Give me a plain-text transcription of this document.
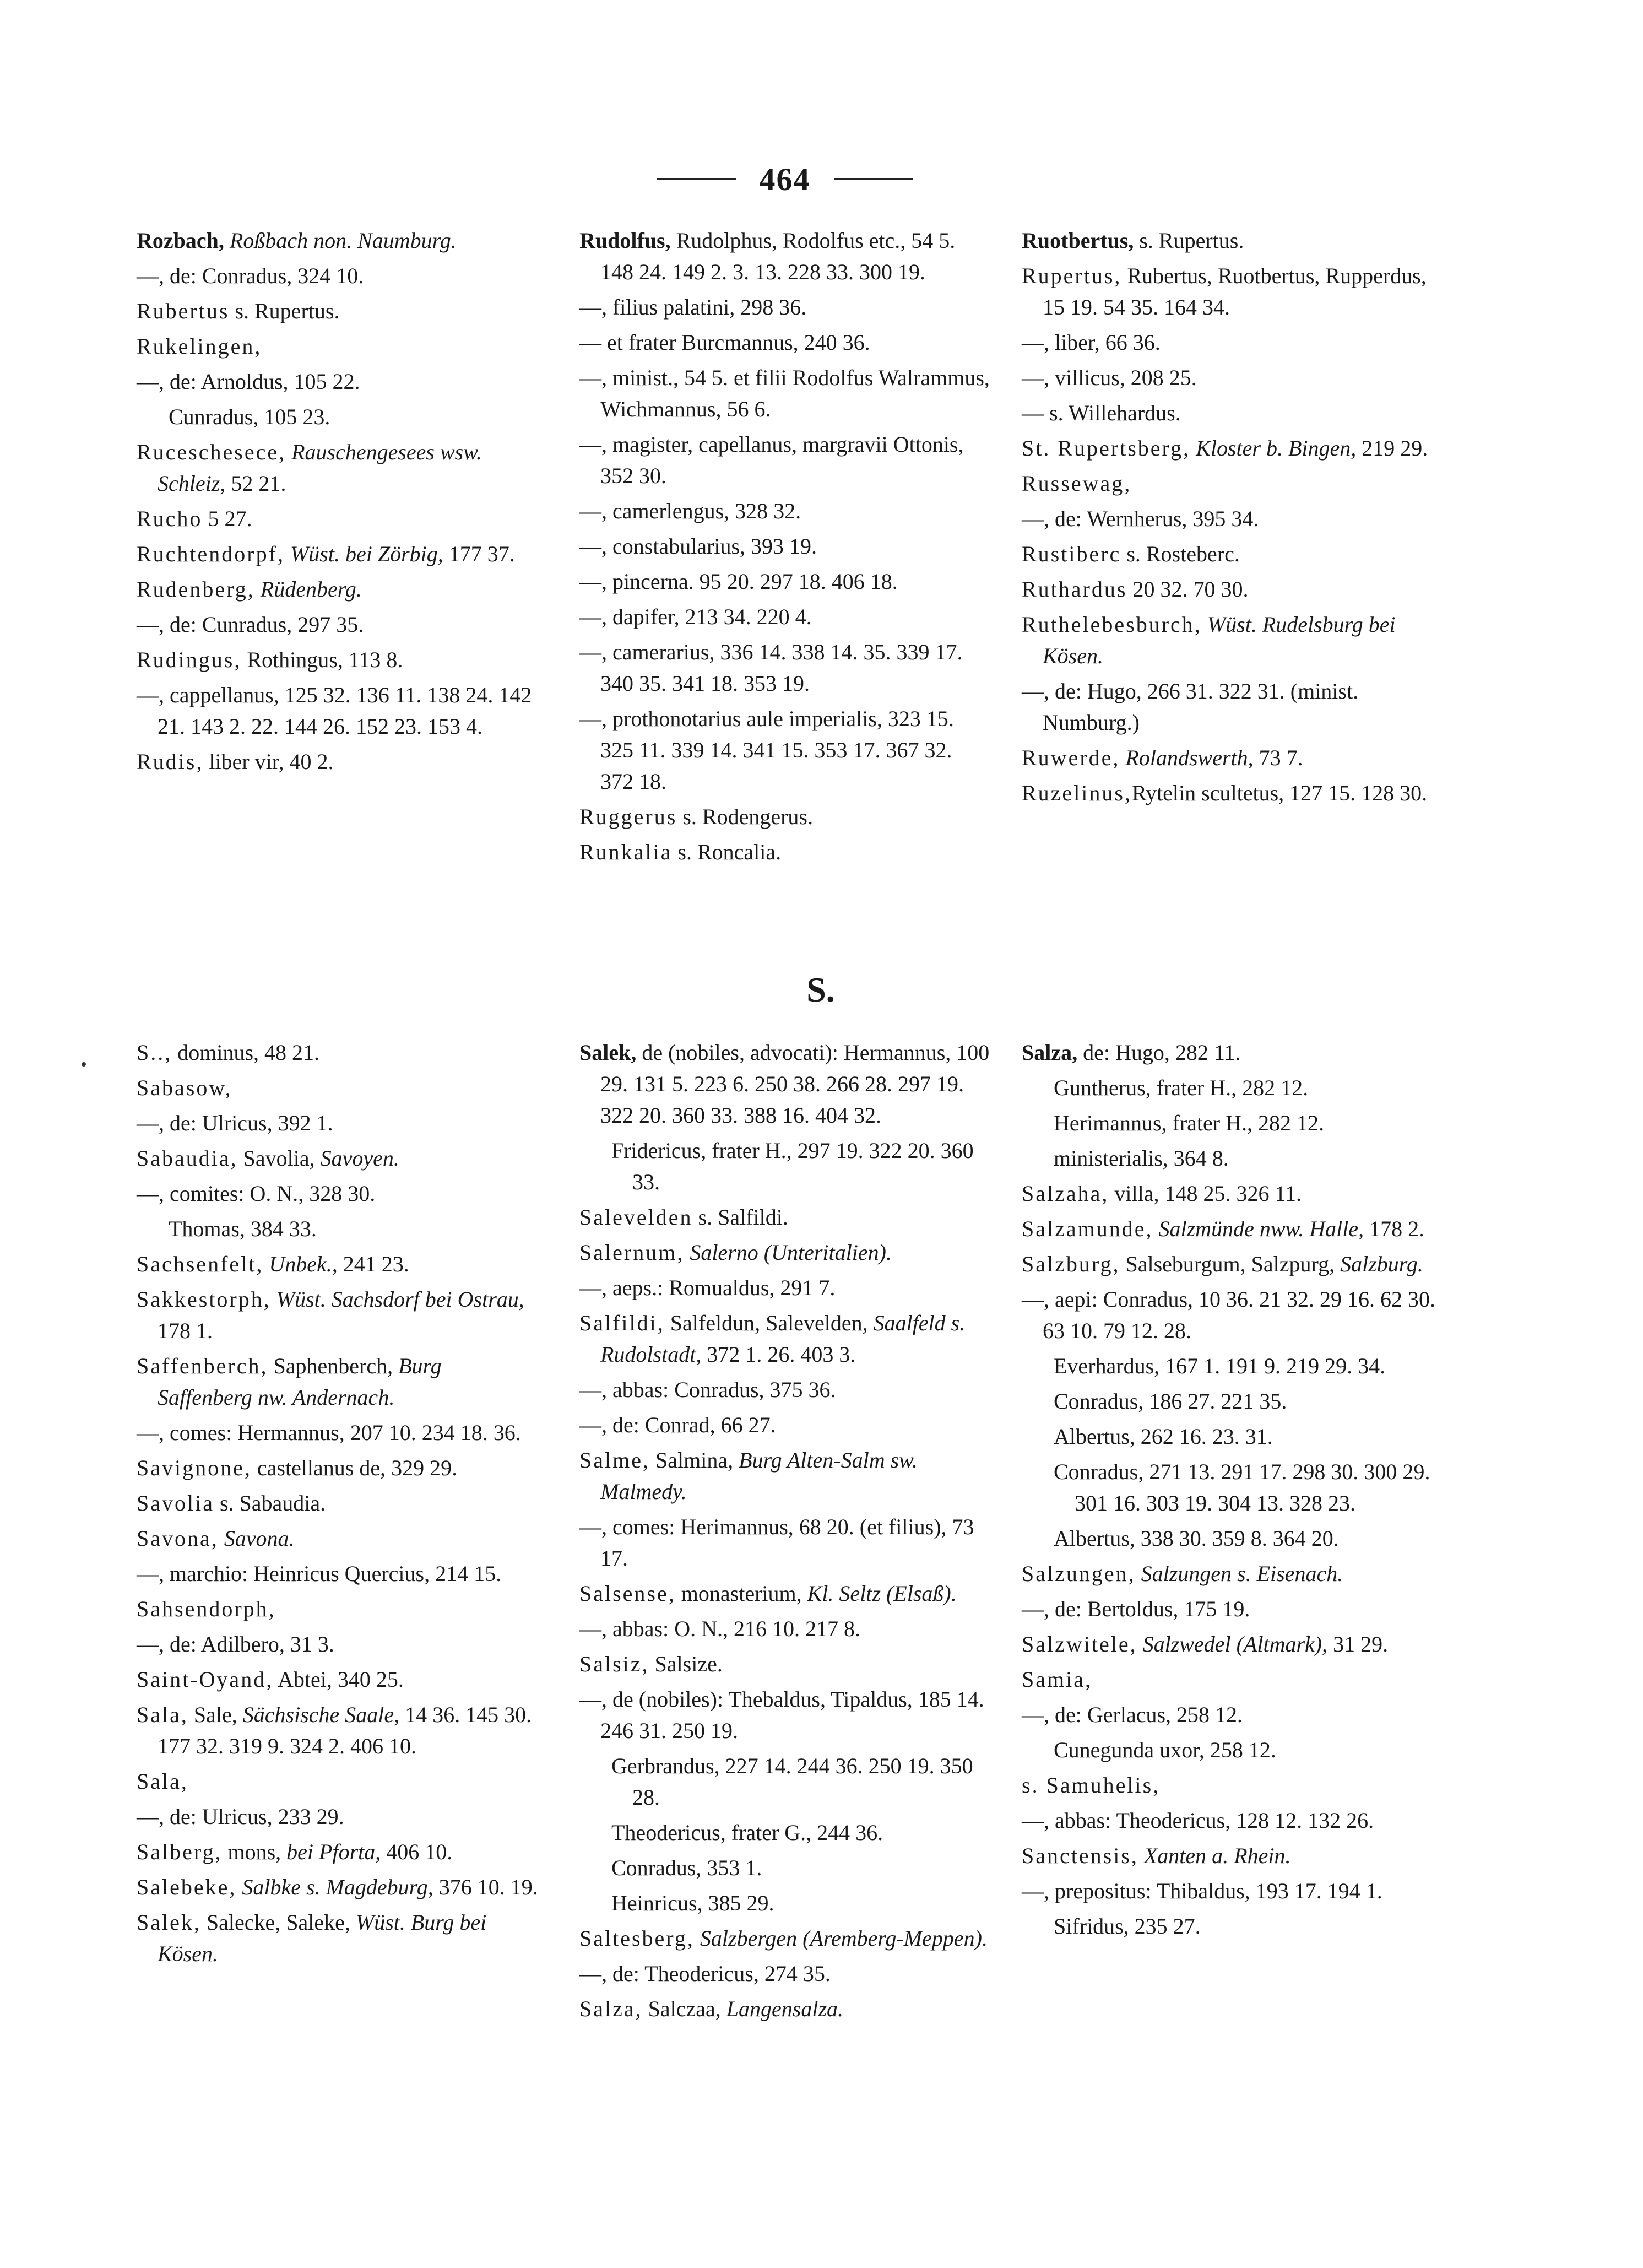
464
Rozbach, Roßbach non. Naumburg.
—, de: Conradus, 324 10.
Rubertus s. Rupertus.
Rukelingen,
—, de: Arnoldus, 105 22.
Cunradus, 105 23.
Ruceschesece, Rauschengesees wsw. Schleiz, 52 21.
Rucho 5 27.
Ruchtendorpf, Wüst. bei Zörbig, 177 37.
Rudenberg, Rüdenberg.
—, de: Cunradus, 297 35.
Rudingus, Rothingus, 113 8.
—, cappellanus, 125 32. 136 11. 138 24. 142 21. 143 2. 22. 144 26. 152 23. 153 4.
Rudis, liber vir, 40 2.
Rudolfus, Rudolphus, Rodolfus etc., 54 5. 148 24. 149 2. 3. 13. 228 33. 300 19.
—, filius palatini, 298 36.
— et frater Burcmannus, 240 36.
—, minist., 54 5. et filii Rodolfus Walrammus, Wichmannus, 56 6.
—, magister, capellanus, margravii Ottonis, 352 30.
—, camerlengus, 328 32.
—, constabularius, 393 19.
—, pincerna. 95 20. 297 18. 406 18.
—, dapifer, 213 34. 220 4.
—, camerarius, 336 14. 338 14. 35. 339 17. 340 35. 341 18. 353 19.
—, prothonotarius aule imperialis, 323 15. 325 11. 339 14. 341 15. 353 17. 367 32. 372 18.
Ruggerus s. Rodengerus.
Runkalia s. Roncalia.
Ruotbertus, s. Rupertus.
Rupertus, Rubertus, Ruotbertus, Rupperdus, 15 19. 54 35. 164 34.
—, liber, 66 36.
—, villicus, 208 25.
— s. Willehardus.
St. Rupertsberg, Kloster b. Bingen, 219 29.
Russewag,
—, de: Wernherus, 395 34.
Rustiberc s. Rosteberc.
Ruthardus 20 32. 70 30.
Ruthelebesburch, Wüst. Rudelsburg bei Kösen.
—, de: Hugo, 266 31. 322 31. (minist. Numburg.)
Ruwerde, Rolandswerth, 73 7.
Ruzelinus,Rytelin scultetus, 127 15. 128 30.
S.
S.., dominus, 48 21.
Sabasow,
—, de: Ulricus, 392 1.
Sabaudia, Savolia, Savoyen.
—, comites: O. N., 328 30.
Thomas, 384 33.
Sachsenfelt, Unbek., 241 23.
Sakkestorph, Wüst. Sachsdorf bei Ostrau, 178 1.
Saffenberch, Saphenberch, Burg Saffenberg nw. Andernach.
—, comes: Hermannus, 207 10. 234 18. 36.
Savignone, castellanus de, 329 29.
Savolia s. Sabaudia.
Savona, Savona.
—, marchio: Heinricus Quercius, 214 15.
Sahsendorph,
—, de: Adilbero, 31 3.
Saint-Oyand, Abtei, 340 25.
Sala, Sale, Sächsische Saale, 14 36. 145 30. 177 32. 319 9. 324 2. 406 10.
Sala,
—, de: Ulricus, 233 29.
Salberg, mons, bei Pforta, 406 10.
Salebeke, Salbke s. Magdeburg, 376 10. 19.
Salek, Salecke, Saleke, Wüst. Burg bei Kösen.
Salek, de (nobiles, advocati): Hermannus, 100 29. 131 5. 223 6. 250 38. 266 28. 297 19. 322 20. 360 33. 388 16. 404 32.
Fridericus, frater H., 297 19. 322 20. 360 33.
Salevelden s. Salfildi.
Salernum, Salerno (Unteritalien).
—, aeps.: Romualdus, 291 7.
Salfildi, Salfeldun, Salevelden, Saalfeld s. Rudolstadt, 372 1. 26. 403 3.
—, abbas: Conradus, 375 36.
—, de: Conrad, 66 27.
Salme, Salmina, Burg Alten-Salm sw. Malmedy.
—, comes: Herimannus, 68 20. (et filius), 73 17.
Salsense, monasterium, Kl. Seltz (Elsaß).
—, abbas: O. N., 216 10. 217 8.
Salsiz, Salsize.
—, de (nobiles): Thebaldus, Tipaldus, 185 14. 246 31. 250 19.
Gerbrandus, 227 14. 244 36. 250 19. 350 28.
Theodericus, frater G., 244 36.
Conradus, 353 1.
Heinricus, 385 29.
Saltesberg, Salzbergen (Aremberg-Meppen).
—, de: Theodericus, 274 35.
Salza, Salczaa, Langensalza.
Salza, de: Hugo, 282 11.
Guntherus, frater H., 282 12.
Herimannus, frater H., 282 12.
ministerialis, 364 8.
Salzaha, villa, 148 25. 326 11.
Salzamunde, Salzmünde nww. Halle, 178 2.
Salzburg, Salseburgum, Salzpurg, Salzburg.
—, aepi: Conradus, 10 36. 21 32. 29 16. 62 30. 63 10. 79 12. 28.
Everhardus, 167 1. 191 9. 219 29. 34.
Conradus, 186 27. 221 35.
Albertus, 262 16. 23. 31.
Conradus, 271 13. 291 17. 298 30. 300 29. 301 16. 303 19. 304 13. 328 23.
Albertus, 338 30. 359 8. 364 20.
Salzungen, Salzungen s. Eisenach.
—, de: Bertoldus, 175 19.
Salzwitele, Salzwedel (Altmark), 31 29.
Samia,
—, de: Gerlacus, 258 12.
Cunegunda uxor, 258 12.
s. Samuhelis,
—, abbas: Theodericus, 128 12. 132 26.
Sanctensis, Xanten a. Rhein.
—, prepositus: Thibaldus, 193 17. 194 1.
Sifridus, 235 27.
